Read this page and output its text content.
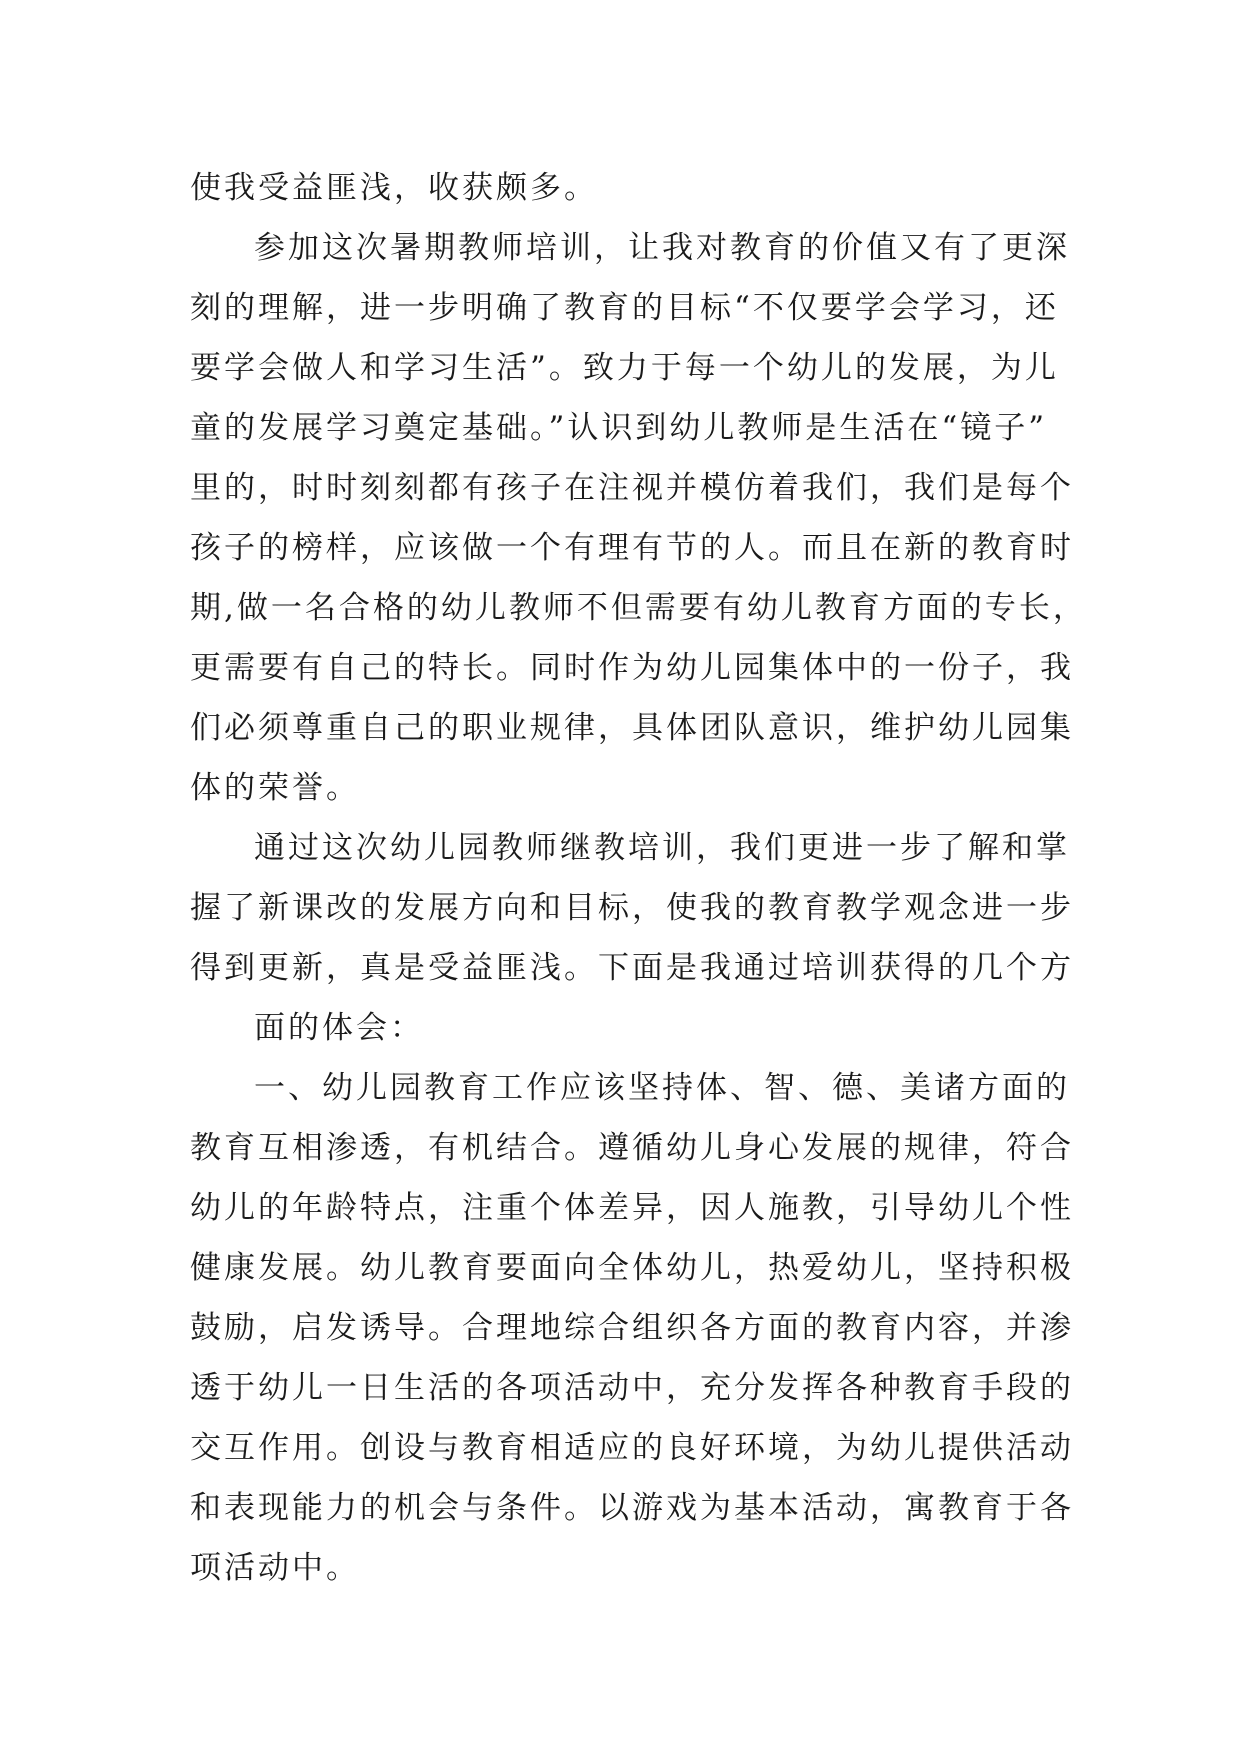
使我受益匪浅，收获颇多。
参加这次暑期教师培训，让我对教育的价值又有了更深
刻的理解，进一步明确了教育的目标“不仅要学会学习，还
要学会做人和学习生活”。致力于每一个幼儿的发展，为儿
童的发展学习奠定基础。”认识到幼儿教师是生活在“镜子”
里的，时时刻刻都有孩子在注视并模仿着我们，我们是每个
孩子的榜样，应该做一个有理有节的人。而且在新的教育时
期,做一名合格的幼儿教师不但需要有幼儿教育方面的专长，
更需要有自己的特长。同时作为幼儿园集体中的一份子，我
们必须尊重自己的职业规律，具体团队意识，维护幼儿园集
体的荣誉。
通过这次幼儿园教师继教培训，我们更进一步了解和掌
握了新课改的发展方向和目标，使我的教育教学观念进一步
得到更新，真是受益匪浅。下面是我通过培训获得的几个方
面的体会：
一、幼儿园教育工作应该坚持体、智、德、美诸方面的
教育互相渗透，有机结合。遵循幼儿身心发展的规律，符合
幼儿的年龄特点，注重个体差异，因人施教，引导幼儿个性
健康发展。幼儿教育要面向全体幼儿，热爱幼儿，坚持积极
鼓励，启发诱导。合理地综合组织各方面的教育内容，并渗
透于幼儿一日生活的各项活动中，充分发挥各种教育手段的
交互作用。创设与教育相适应的良好环境，为幼儿提供活动
和表现能力的机会与条件。以游戏为基本活动，寓教育于各
项活动中。
